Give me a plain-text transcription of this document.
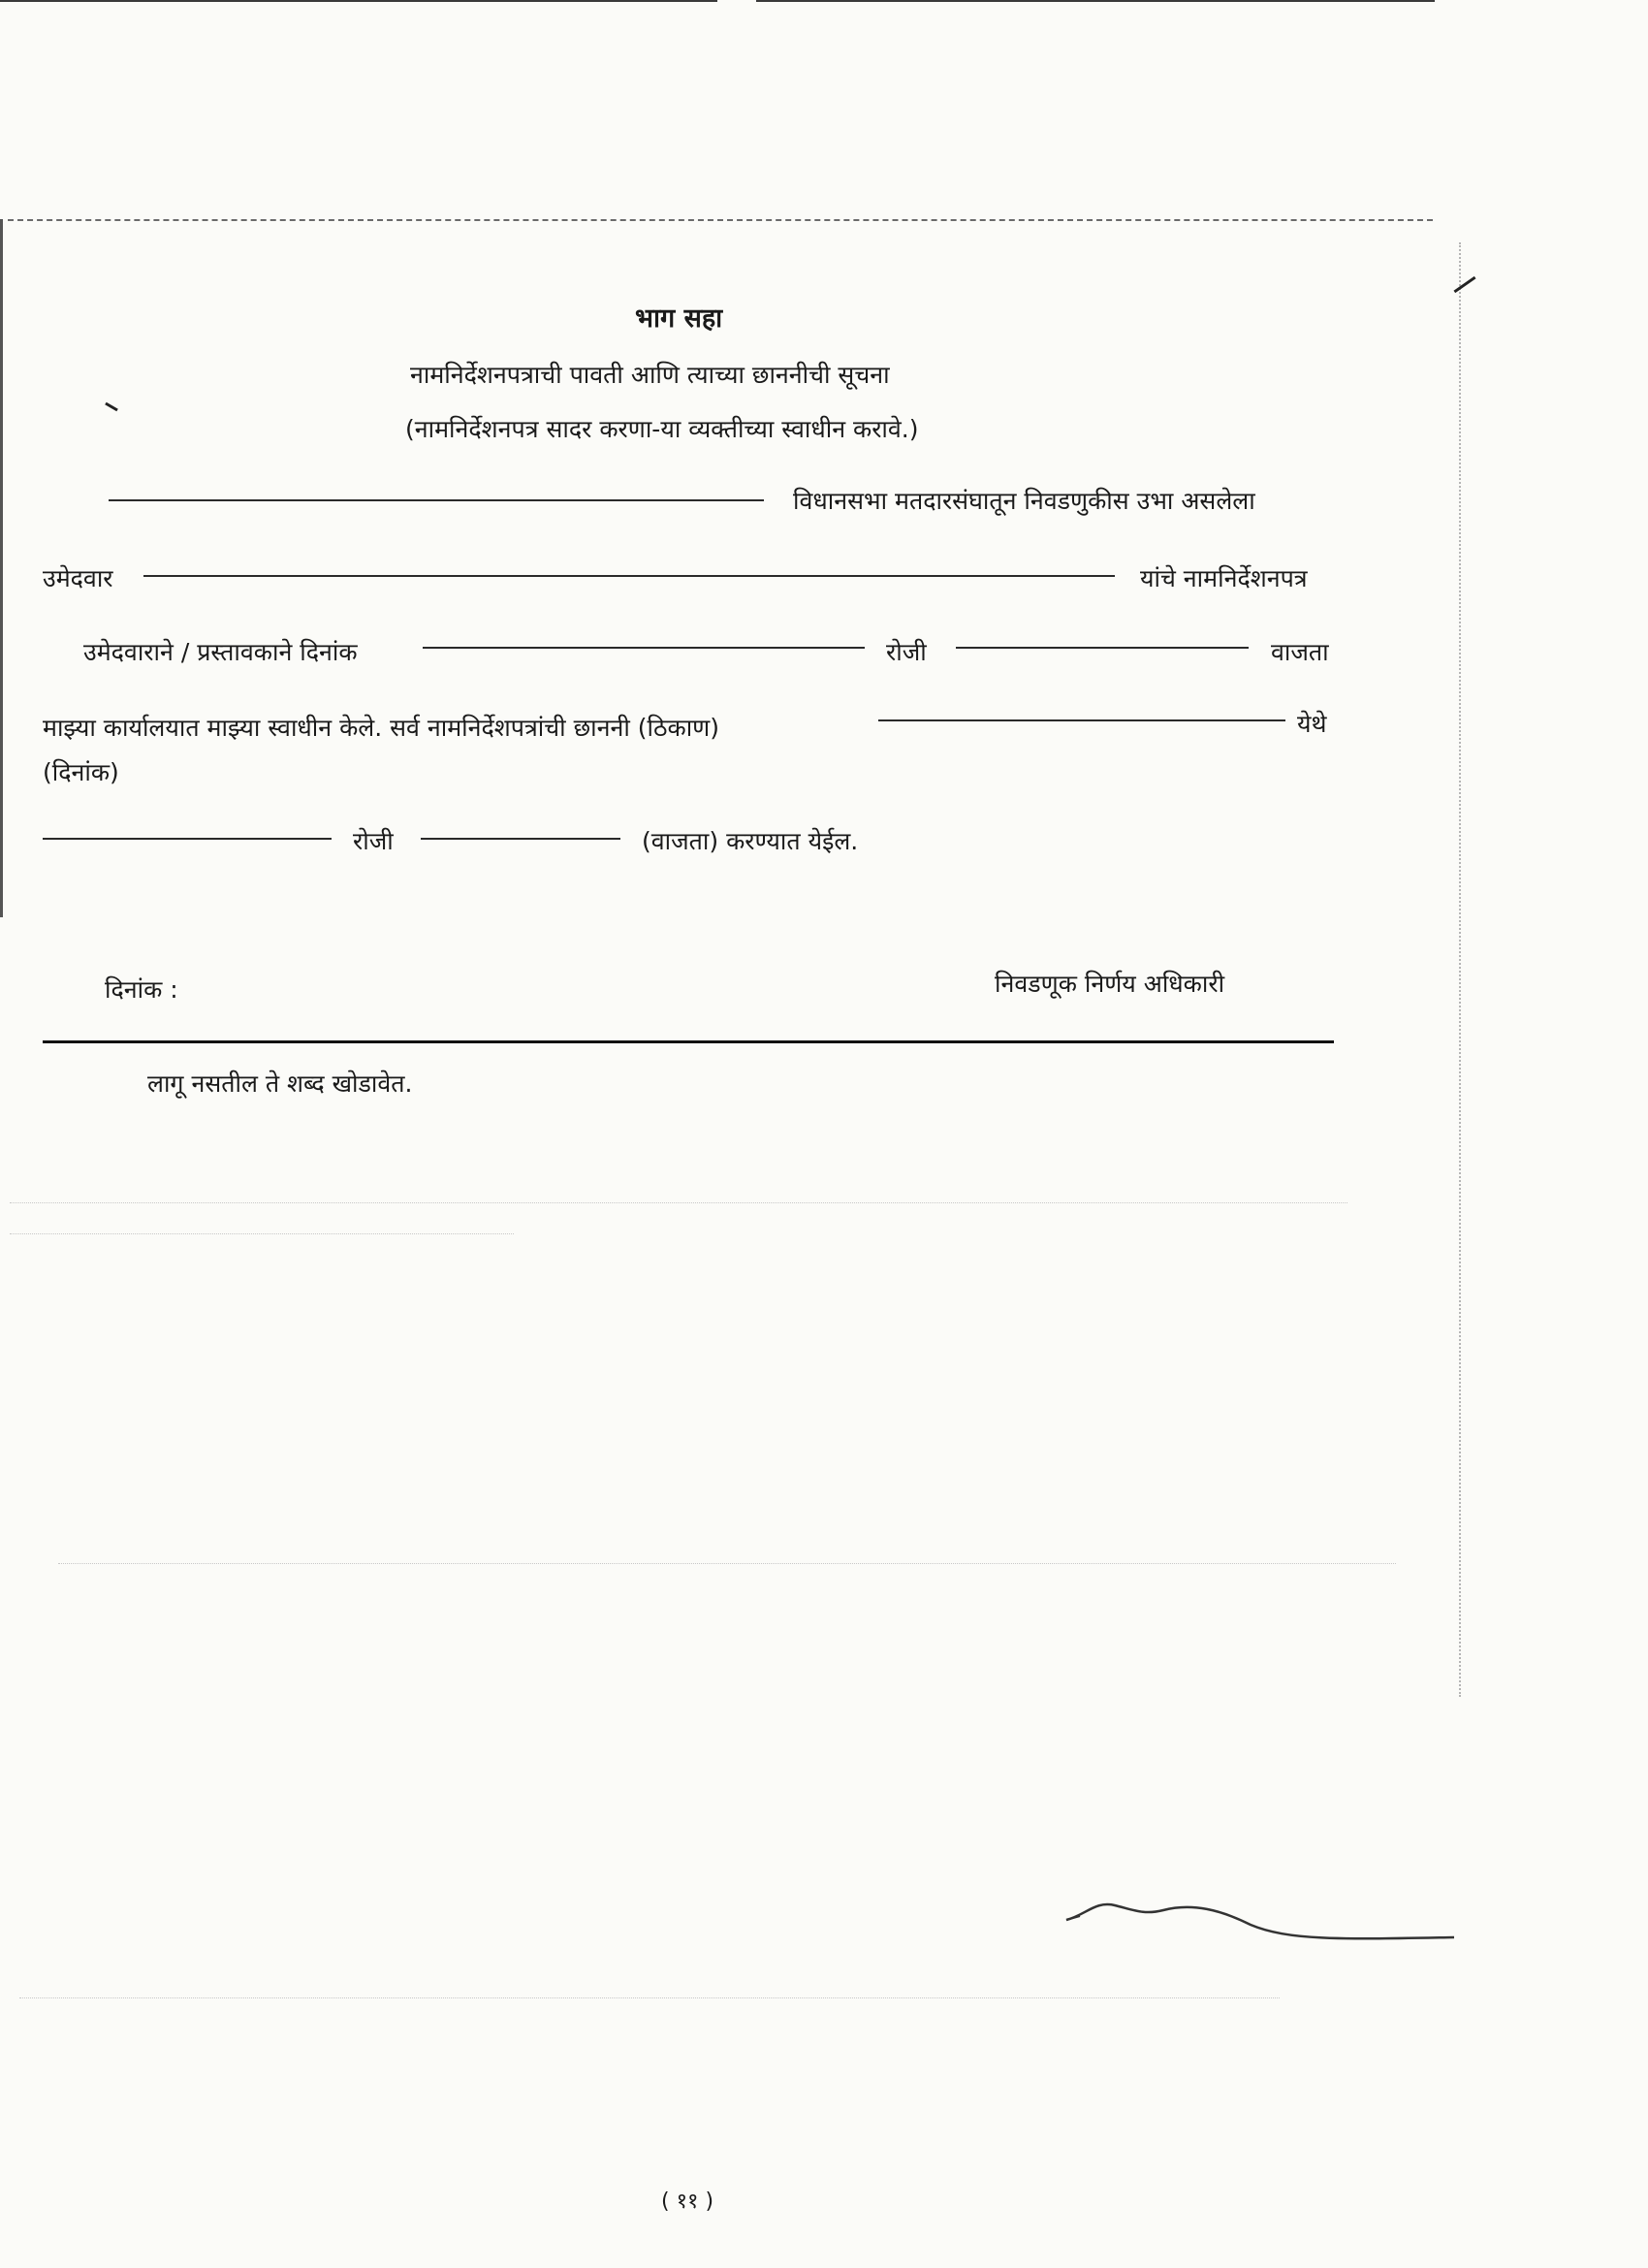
भाग सहा
नामनिर्देशनपत्राची पावती आणि त्याच्या छाननीची सूचना
(नामनिर्देशनपत्र सादर करणा-या व्यक्तीच्या स्वाधीन करावे.)
विधानसभा मतदारसंघातून निवडणुकीस उभा असलेला
उमेदवार	यांचे नामनिर्देशनपत्र
उमेदवाराने / प्रस्तावकाने दिनांक	रोजी	वाजता
माझ्या कार्यालयात माझ्या स्वाधीन केले. सर्व नामनिर्देशपत्रांची छाननी (ठिकाण)	येथे
(दिनांक)
रोजी	(वाजता) करण्यात येईल.
दिनांक :	निवडणूक निर्णय अधिकारी
लागू नसतील ते शब्द खोडावेत.
( ११ )
